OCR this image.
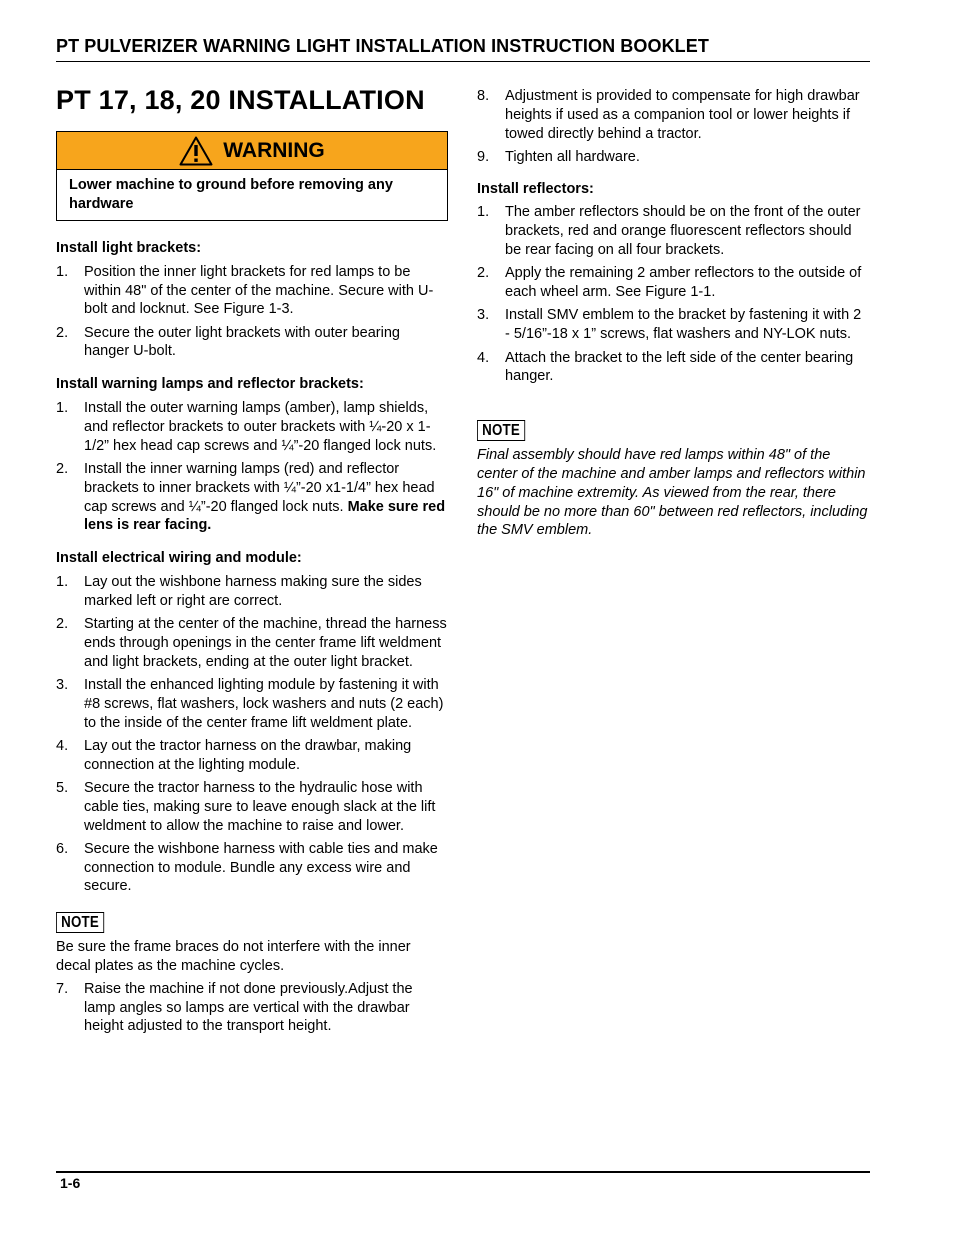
PT PULVERIZER WARNING LIGHT INSTALLATION INSTRUCTION BOOKLET
PT 17, 18, 20 INSTALLATION
WARNING
Lower machine to ground before removing any hardware
Install light brackets:
1. Position the inner light brackets for red lamps to be within 48" of the center of the machine. Secure with U-bolt and locknut. See Figure 1-3.
2. Secure the outer light brackets with outer bearing hanger U-bolt.
Install warning lamps and reflector brackets:
1. Install the outer warning lamps (amber), lamp shields, and reflector brackets to outer brackets with ¼-20 x 1-1/2” hex head cap screws and ¼”-20 flanged lock nuts.
2. Install the inner warning lamps (red) and reflector brackets to inner brackets with ¼”-20 x1-1/4” hex head cap screws and ¼”-20 flanged lock nuts. Make sure red lens is rear facing.
Install electrical wiring and module:
1. Lay out the wishbone harness making sure the sides marked left or right are correct.
2. Starting at the center of the machine, thread the harness ends through openings in the center frame lift weldment and light brackets, ending at the outer light bracket.
3. Install the enhanced lighting module by fastening it with #8 screws, flat washers, lock washers and nuts (2 each) to the inside of the center frame lift weldment plate.
4. Lay out the tractor harness on the drawbar, making connection at the lighting module.
5. Secure the tractor harness to the hydraulic hose with cable ties, making sure to leave enough slack at the lift weldment to allow the machine to raise and lower.
6. Secure the wishbone harness with cable ties and make connection to module. Bundle any excess wire and secure.
NOTE
Be sure the frame braces do not interfere with the inner decal plates as the machine cycles.
7. Raise the machine if not done previously.Adjust the lamp angles so lamps are vertical with the drawbar height adjusted to the transport height.
8. Adjustment is provided to compensate for high drawbar heights if used as a companion tool or lower heights if towed directly behind a tractor.
9. Tighten all hardware.
Install reflectors:
1. The amber reflectors should be on the front of the outer brackets, red and orange fluorescent reflectors should be rear facing on all four brackets.
2. Apply the remaining 2 amber reflectors to the outside of each wheel arm. See Figure 1-1.
3. Install SMV emblem to the bracket by fastening it with 2 - 5/16”-18 x 1” screws, flat washers and NY-LOK nuts.
4. Attach the bracket to the left side of the center bearing hanger.
NOTE
Final assembly should have red lamps within 48" of the center of the machine and amber lamps and reflectors within 16" of machine extremity. As viewed from the rear, there should be no more than 60" between red reflectors, including the SMV emblem.
1-6
